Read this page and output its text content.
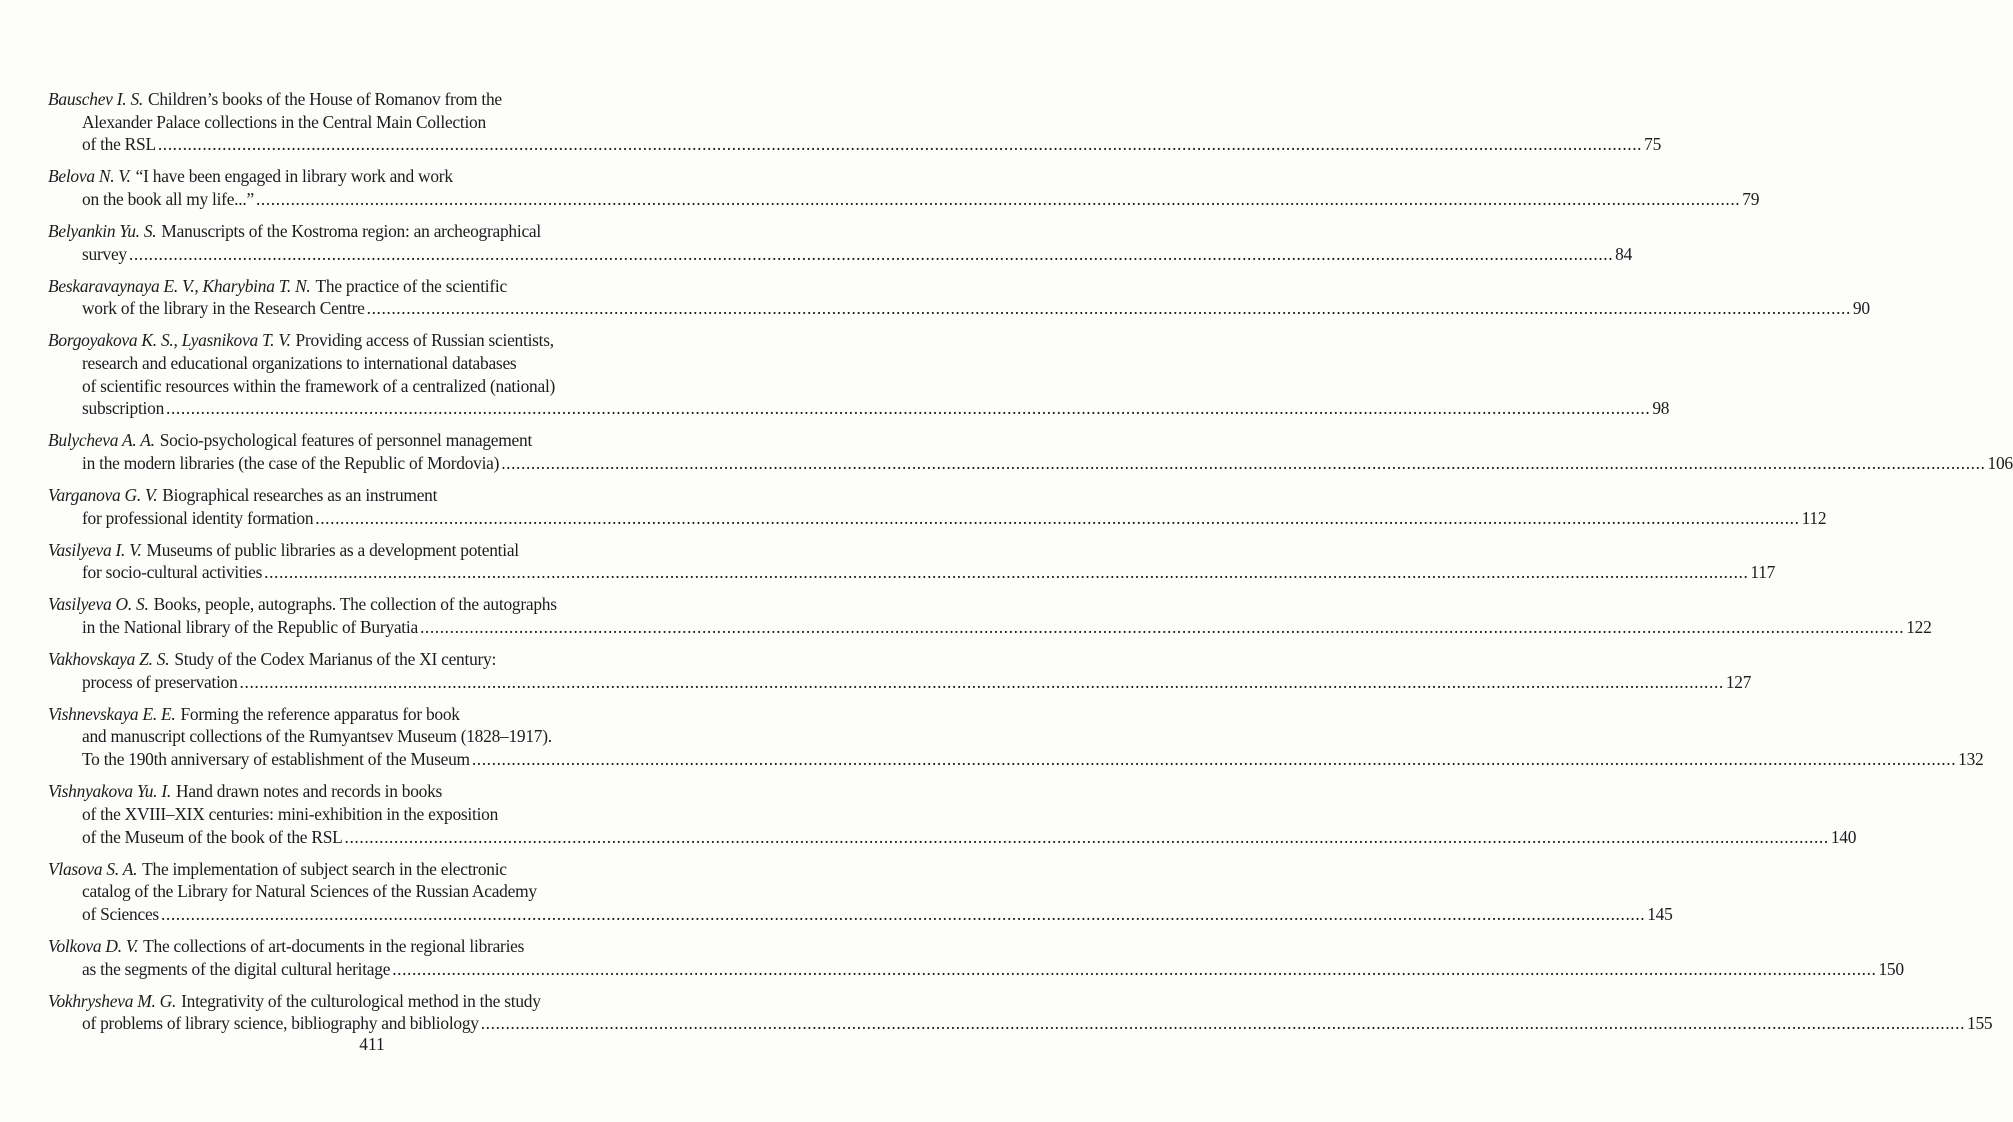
Bauschev I. S. Children’s books of the House of Romanov from the
Alexander Palace collections in the Central Main Collection
of the RSL ............................................................................................................................................................................................................................................................................................................ 75
Belova N. V. “I have been engaged in library work and work
on the book all my life...” ............................................................................................................................................................................................................................................................................................................ 79
Belyankin Yu. S. Manuscripts of the Kostroma region: an archeographical
survey ............................................................................................................................................................................................................................................................................................................ 84
Beskaravaynaya E. V., Kharybina T. N. The practice of the scientific
work of the library in the Research Centre ............................................................................................................................................................................................................................................................................................................ 90
Borgoyakova K. S., Lyasnikova T. V. Providing access of Russian scientists,
research and educational organizations to international databases
of scientific resources within the framework of a centralized (national)
subscription ............................................................................................................................................................................................................................................................................................................ 98
Bulycheva A. A. Socio-psychological features of personnel management
in the modern libraries (the case of the Republic of Mordovia) ............................................................................................................................................................................................................................................................................................................ 106
Varganova G. V. Biographical researches as an instrument
for professional identity formation ............................................................................................................................................................................................................................................................................................................ 112
Vasilyeva I. V. Museums of public libraries as a development potential
for socio-cultural activities ............................................................................................................................................................................................................................................................................................................ 117
Vasilyeva O. S. Books, people, autographs. The collection of the autographs
in the National library of the Republic of Buryatia ............................................................................................................................................................................................................................................................................................................ 122
Vakhovskaya Z. S. Study of the Codex Marianus of the XI century:
process of preservation ............................................................................................................................................................................................................................................................................................................ 127
Vishnevskaya E. E. Forming the reference apparatus for book
and manuscript collections of the Rumyantsev Museum (1828–1917).
To the 190th anniversary of establishment of the Museum ............................................................................................................................................................................................................................................................................................................ 132
Vishnyakova Yu. I. Hand drawn notes and records in books
of the XVIII–XIX centuries: mini-exhibition in the exposition
of the Museum of the book of the RSL ............................................................................................................................................................................................................................................................................................................ 140
Vlasova S. A. The implementation of subject search in the electronic
catalog of the Library for Natural Sciences of the Russian Academy
of Sciences ............................................................................................................................................................................................................................................................................................................ 145
Volkova D. V. The collections of art-documents in the regional libraries
as the segments of the digital cultural heritage ............................................................................................................................................................................................................................................................................................................ 150
Vokhrysheva M. G. Integrativity of the culturological method in the study
of problems of library science, bibliography and bibliology ............................................................................................................................................................................................................................................................................................................ 155
411
